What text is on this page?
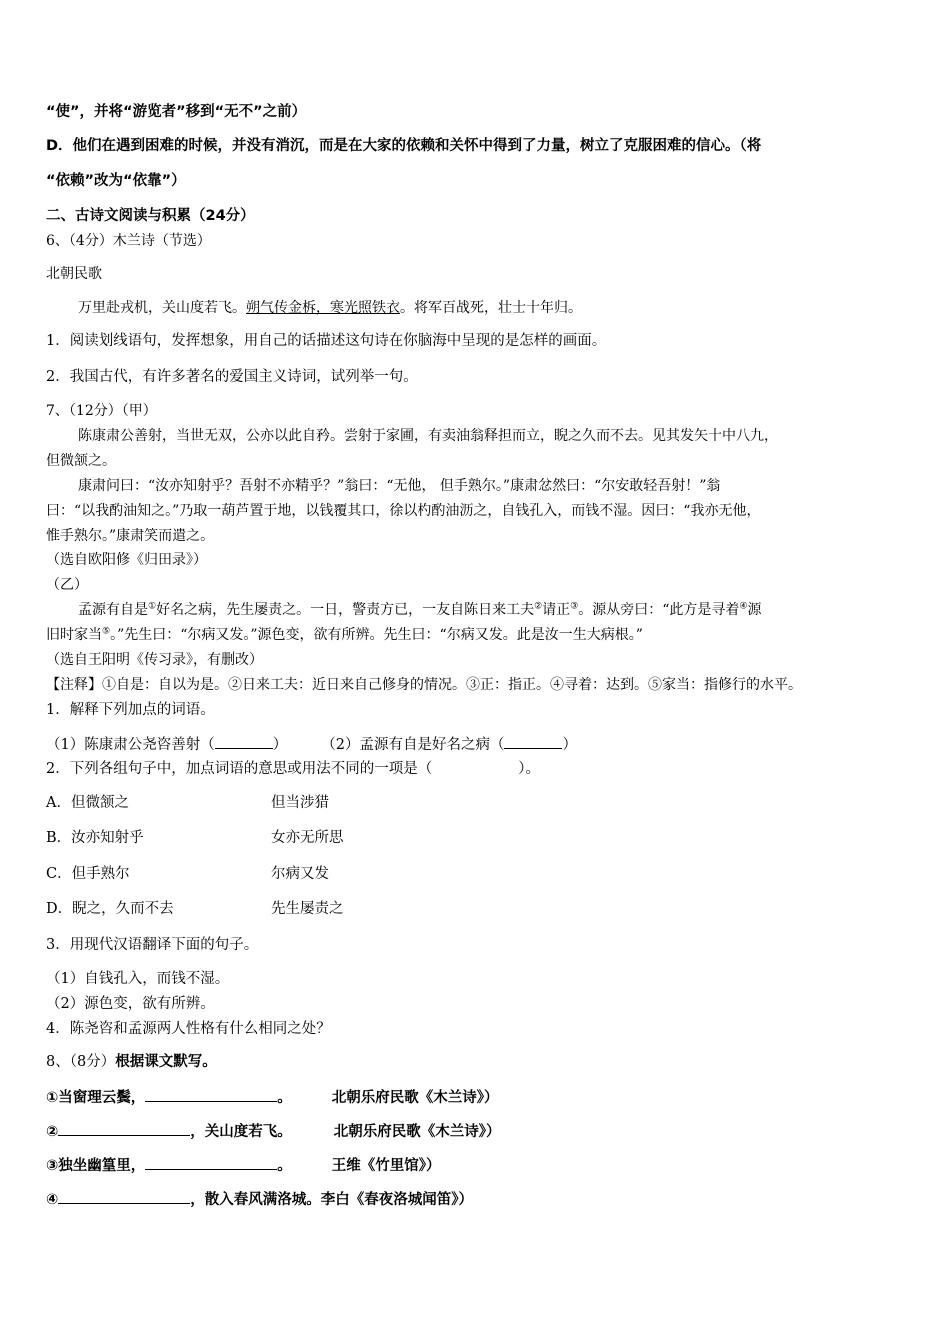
“使”，并将“游览者”移到“无不”之前）
D．他们在遇到困难的时候，并没有消沉，而是在大家的依赖和关怀中得到了力量，树立了克服困难的信心。（将
“依赖”改为“依靠”）
二、古诗文阅读与积累（24分）
6、（4分）木兰诗（节选）
北朝民歌
万里赴戎机，关山度若飞。朔气传金柝，寒光照铁衣。将军百战死，壮士十年归。
1．阅读划线语句，发挥想象，用自己的话描述这句诗在你脑海中呈现的是怎样的画面。
2．我国古代，有许多著名的爱国主义诗词，试列举一句。
7、（12分）（甲）
陈康肃公善射，当世无双，公亦以此自矜。尝射于家圃，有卖油翁释担而立，睨之久而不去。见其发矢十中八九，
但微颔之。
康肃问曰：“汝亦知射乎？吾射不亦精乎？”翁曰：“无他， 但手熟尔。”康肃忿然曰：“尔安敢轻吾射！”翁
曰：“以我酌油知之。”乃取一葫芦置于地，以钱覆其口，徐以杓酌油沥之，自钱孔入，而钱不湿。因曰：“我亦无他，
惟手熟尔。”康肃笑而遣之。
（选自欧阳修《归田录》）
（乙）
孟源有自是①好名之病，先生屡责之。一日，警责方已，一友自陈日来工夫②请正③。源从旁曰：“此方是寻着④源
旧时家当⑤。”先生曰：“尔病又发。”源色变，欲有所辨。先生曰：“尔病又发。此是汝一生大病根。”
（选自王阳明《传习录》，有删改）
【注释】①自是：自以为是。②日来工夫：近日来自己修身的情况。③正：指正。④寻着：达到。⑤家当：指修行的水平。
1．解释下列加点的词语。
（1）陈康肃公尧咨善射（	） （2）孟源有自是好名之病（	）
2．下列各组句子中，加点词语的意思或用法不同的一项是（	）。
A．但微颔之	但当涉猎
B．汝亦知射乎	女亦无所思
C．但手熟尔	尔病又发
D．睨之，久而不去	先生屡责之
3．用现代汉语翻译下面的句子。
（1）自钱孔入，而钱不湿。
（2）源色变，欲有所辨。
4．陈尧咨和孟源两人性格有什么相同之处？
8、（8分）根据课文默写。
①当窗理云鬓，	。	北朝乐府民歌《木兰诗》）
②	，关山度若飞。	北朝乐府民歌《木兰诗》）
③独坐幽篁里，	。	王维《竹里馆》）
④	，散入春风满洛城。李白《春夜洛城闻笛》）
